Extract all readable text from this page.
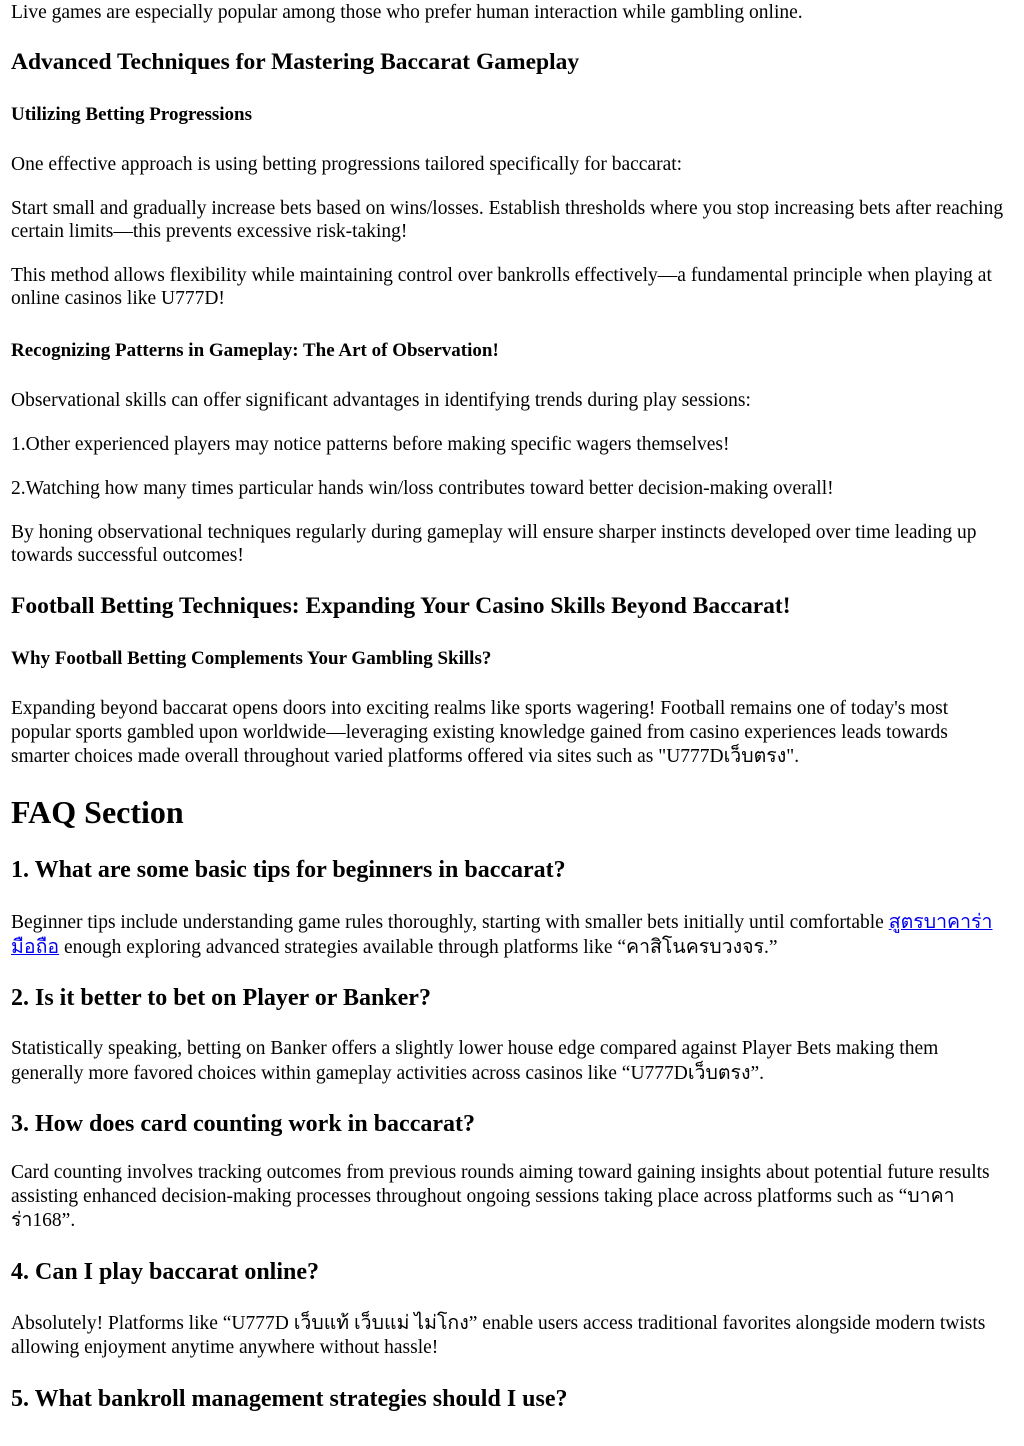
Live games are especially popular among those who prefer human interaction while gambling online.

Advanced Techniques for Mastering Baccarat Gameplay
Utilizing Betting Progressions

One effective approach is using betting progressions tailored specifically for baccarat:

Start small and gradually increase bets based on wins/losses. Establish thresholds where you stop increasing bets after reaching certain limits—this prevents excessive risk-taking!

This method allows flexibility while maintaining control over bankrolls effectively—a fundamental principle when playing at online casinos like U777D!

Recognizing Patterns in Gameplay: The Art of Observation!

Observational skills can offer significant advantages in identifying trends during play sessions:

1.Other experienced players may notice patterns before making specific wagers themselves!

2.Watching how many times particular hands win/loss contributes toward better decision-making overall!

By honing observational techniques regularly during gameplay will ensure sharper instincts developed over time leading up towards successful outcomes!

Football Betting Techniques: Expanding Your Casino Skills Beyond Baccarat!
Why Football Betting Complements Your Gambling Skills?

Expanding beyond baccarat opens doors into exciting realms like sports wagering! Football remains one of today's most popular sports gambled upon worldwide—leveraging existing knowledge gained from casino experiences leads towards smarter choices made overall throughout varied platforms offered via sites such as "U777Dเว็บตรง".

FAQ Section
1. What are some basic tips for beginners in baccarat?

Beginner tips include understanding game rules thoroughly, starting with smaller bets initially until comfortable สูตรบาคาร่ามือถือ enough exploring advanced strategies available through platforms like “คาสิโนครบวงจร.”

2. Is it better to bet on Player or Banker?

Statistically speaking, betting on Banker offers a slightly lower house edge compared against Player Bets making them generally more favored choices within gameplay activities across casinos like “U777Dเว็บตรง”.

3. How does card counting work in baccarat?

Card counting involves tracking outcomes from previous rounds aiming toward gaining insights about potential future results assisting enhanced decision-making processes throughout ongoing sessions taking place across platforms such as “บาคาร่า168”.

4. Can I play baccarat online?

Absolutely! Platforms like “U777D เว็บแท้ เว็บแม่ ไม่โกง” enable users access traditional favorites alongside modern twists allowing enjoyment anytime anywhere without hassle!

5. What bankroll management strategies should I use?
